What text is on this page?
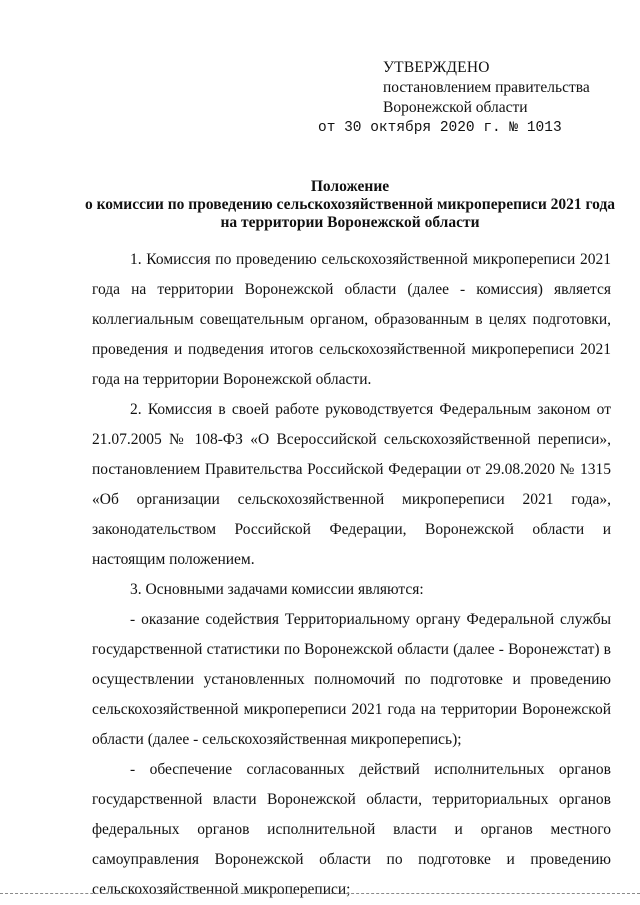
УТВЕРЖДЕНО
постановлением правительства
Воронежской области
от 30 октября 2020 г. № 1013
Положение
о комиссии по проведению сельскохозяйственной микропереписи 2021 года
на территории Воронежской области

1. Комиссия по проведению сельскохозяйственной микропереписи 2021 года на территории Воронежской области (далее - комиссия) является коллегиальным совещательным органом, образованным в целях подготовки, проведения и подведения итогов сельскохозяйственной микропереписи 2021 года на территории Воронежской области.

2. Комиссия в своей работе руководствуется Федеральным законом от 21.07.2005 № 108-ФЗ «О Всероссийской сельскохозяйственной переписи», постановлением Правительства Российской Федерации от 29.08.2020 № 1315 «Об организации сельскохозяйственной микропереписи 2021 года», законодательством Российской Федерации, Воронежской области и настоящим положением.

3. Основными задачами комиссии являются:

- оказание содействия Территориальному органу Федеральной службы государственной статистики по Воронежской области (далее - Воронежстат) в осуществлении установленных полномочий по подготовке и проведению сельскохозяйственной микропереписи 2021 года на территории Воронежской области (далее - сельскохозяйственная микроперепись);

- обеспечение согласованных действий исполнительных органов государственной власти Воронежской области, территориальных органов федеральных органов исполнительной власти и органов местного самоуправления Воронежской области по подготовке и проведению сельскохозяйственной микропереписи;
